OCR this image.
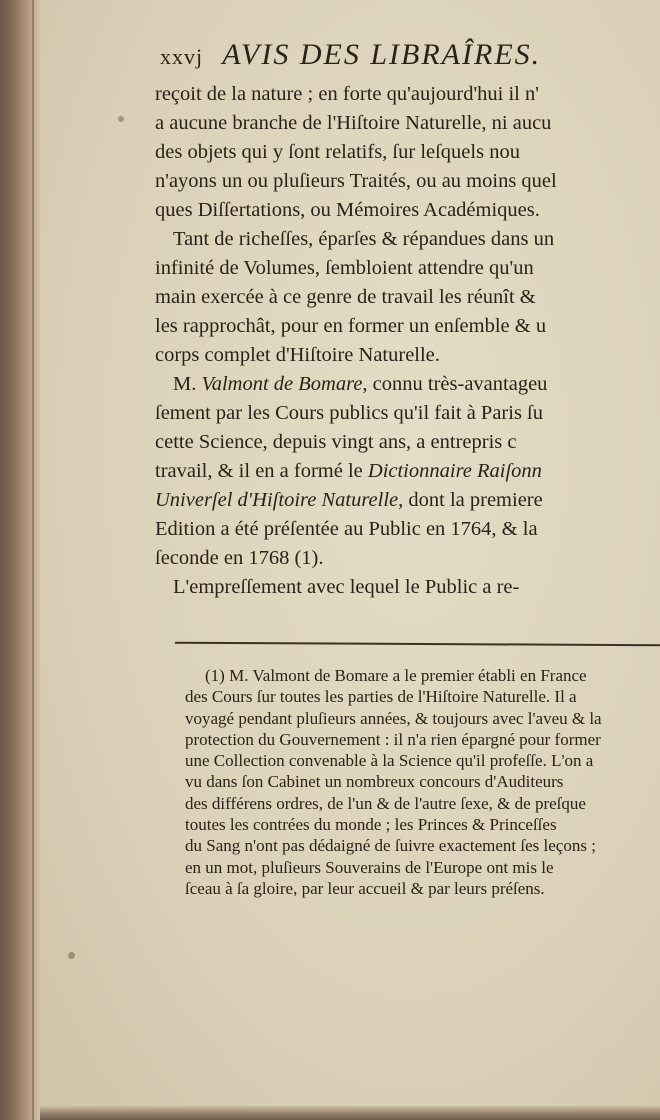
xxvj AVIS DES LIBRAÎRES.
reçoit de la nature ; en forte qu'aujourd'hui il n'
a aucune branche de l'Hiſtoire Naturelle, ni aucu
des objets qui y ſont relatifs, ſur leſquels nou
n'ayons un ou pluſieurs Traités, ou au moins quel
ques Diſſertations, ou Mémoires Académiques.
Tant de richeſſes, éparſes & répandues dans un
infinité de Volumes, ſembloient attendre qu'un
main exercée à ce genre de travail les réunît &
les rapprochât, pour en former un enſemble & u
corps complet d'Hiſtoire Naturelle.
M. Valmont de Bomare, connu très-avantageu
ſement par les Cours publics qu'il fait à Paris ſu
cette Science, depuis vingt ans, a entrepris c
travail, & il en a formé le Dictionnaire Raiſonn
Univerſel d'Hiſtoire Naturelle, dont la premiere
Edition a été préſentée au Public en 1764, & la
ſeconde en 1768 (1).
L'empreſſement avec lequel le Public a re-
(1) M. Valmont de Bomare a le premier établi en France
des Cours ſur toutes les parties de l'Hiſtoire Naturelle. Il a
voyagé pendant pluſieurs années, & toujours avec l'aveu & la
protection du Gouvernement : il n'a rien épargné pour former
une Collection convenable à la Science qu'il profeſſe. L'on a
vu dans ſon Cabinet un nombreux concours d'Auditeurs
des différens ordres, de l'un & de l'autre ſexe, & de preſque
toutes les contrées du monde ; les Princes & Princeſſes
du Sang n'ont pas dédaigné de ſuivre exactement ſes leçons ;
en un mot, pluſieurs Souverains de l'Europe ont mis le
ſceau à ſa gloire, par leur accueil & par leurs préſens.
